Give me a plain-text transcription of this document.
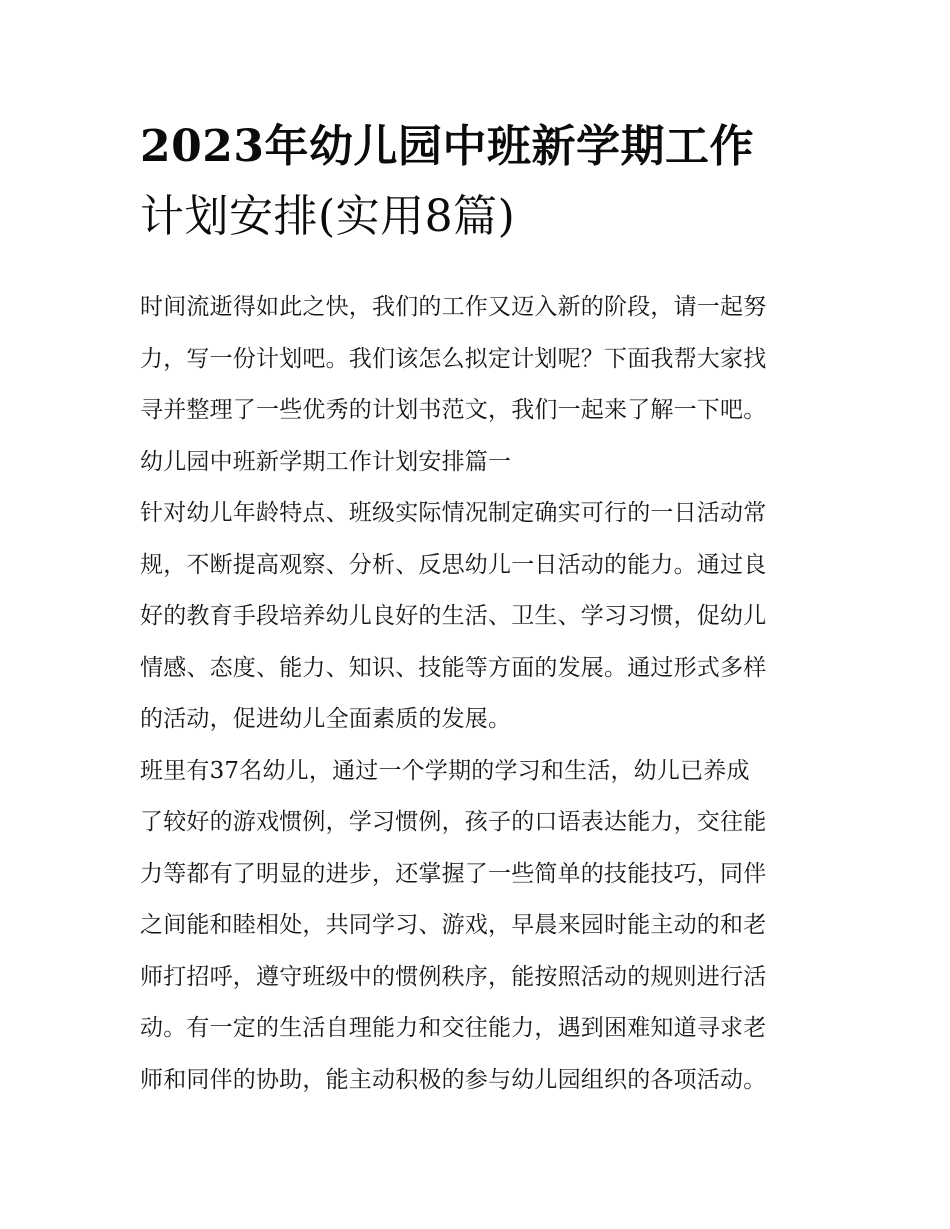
2023年幼儿园中班新学期工作
计划安排(实用8篇)

时间流逝得如此之快，我们的工作又迈入新的阶段，请一起努
力，写一份计划吧。我们该怎么拟定计划呢？下面我帮大家找
寻并整理了一些优秀的计划书范文，我们一起来了解一下吧。

幼儿园中班新学期工作计划安排篇一

针对幼儿年龄特点、班级实际情况制定确实可行的一日活动常
规，不断提高观察、分析、反思幼儿一日活动的能力。通过良
好的教育手段培养幼儿良好的生活、卫生、学习习惯，促幼儿
情感、态度、能力、知识、技能等方面的发展。通过形式多样
的活动，促进幼儿全面素质的发展。

班里有37名幼儿，通过一个学期的学习和生活，幼儿已养成
了较好的游戏惯例，学习惯例，孩子的口语表达能力，交往能
力等都有了明显的进步，还掌握了一些简单的技能技巧，同伴
之间能和睦相处，共同学习、游戏，早晨来园时能主动的和老
师打招呼，遵守班级中的惯例秩序，能按照活动的规则进行活
动。有一定的生活自理能力和交往能力，遇到困难知道寻求老
师和同伴的协助，能主动积极的参与幼儿园组织的各项活动。
